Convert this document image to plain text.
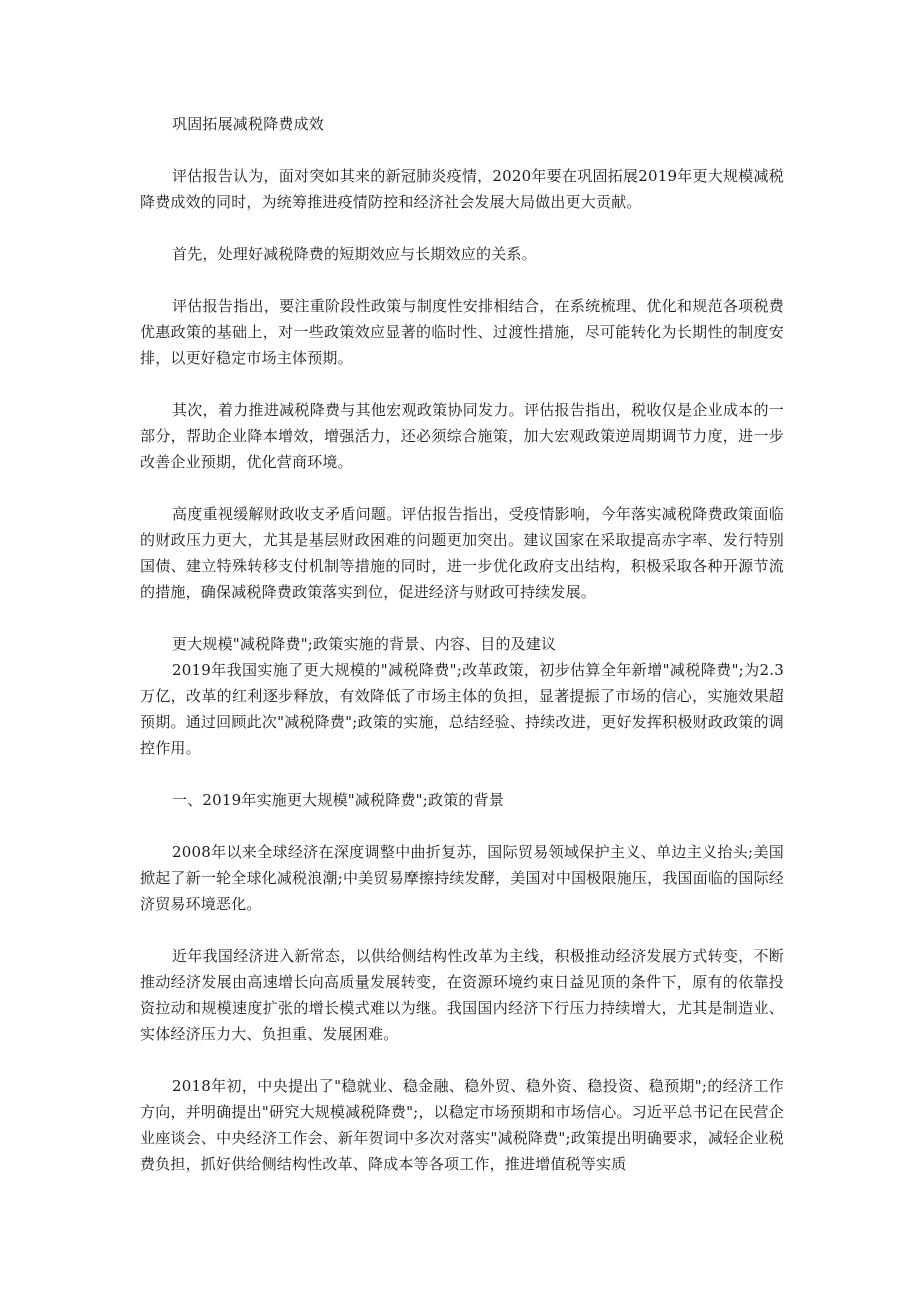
巩固拓展减税降费成效

评估报告认为，面对突如其来的新冠肺炎疫情，2020年要在巩固拓展2019年更大规模减税降费成效的同时，为统筹推进疫情防控和经济社会发展大局做出更大贡献。

首先，处理好减税降费的短期效应与长期效应的关系。

评估报告指出，要注重阶段性政策与制度性安排相结合，在系统梳理、优化和规范各项税费优惠政策的基础上，对一些政策效应显著的临时性、过渡性措施，尽可能转化为长期性的制度安排，以更好稳定市场主体预期。

其次，着力推进减税降费与其他宏观政策协同发力。评估报告指出，税收仅是企业成本的一部分，帮助企业降本增效，增强活力，还必须综合施策，加大宏观政策逆周期调节力度，进一步改善企业预期，优化营商环境。

高度重视缓解财政收支矛盾问题。评估报告指出，受疫情影响，今年落实减税降费政策面临的财政压力更大，尤其是基层财政困难的问题更加突出。建议国家在采取提高赤字率、发行特别国债、建立特殊转移支付机制等措施的同时，进一步优化政府支出结构，积极采取各种开源节流的措施，确保减税降费政策落实到位，促进经济与财政可持续发展。

更大规模"减税降费";政策实施的背景、内容、目的及建议

2019年我国实施了更大规模的"减税降费";改革政策，初步估算全年新增"减税降费";为2.3万亿，改革的红利逐步释放，有效降低了市场主体的负担，显著提振了市场的信心，实施效果超预期。通过回顾此次"减税降费";政策的实施，总结经验、持续改进，更好发挥积极财政政策的调控作用。

一、2019年实施更大规模"减税降费";政策的背景

2008年以来全球经济在深度调整中曲折复苏，国际贸易领域保护主义、单边主义抬头;美国掀起了新一轮全球化减税浪潮;中美贸易摩擦持续发酵，美国对中国极限施压，我国面临的国际经济贸易环境恶化。

近年我国经济进入新常态，以供给侧结构性改革为主线，积极推动经济发展方式转变，不断推动经济发展由高速增长向高质量发展转变，在资源环境约束日益见顶的条件下，原有的依靠投资拉动和规模速度扩张的增长模式难以为继。我国国内经济下行压力持续增大，尤其是制造业、实体经济压力大、负担重、发展困难。

2018年初，中央提出了"稳就业、稳金融、稳外贸、稳外资、稳投资、稳预期";的经济工作方向，并明确提出"研究大规模减税降费";，以稳定市场预期和市场信心。习近平总书记在民营企业座谈会、中央经济工作会、新年贺词中多次对落实"减税降费";政策提出明确要求，减轻企业税费负担，抓好供给侧结构性改革、降成本等各项工作，推进增值税等实质
